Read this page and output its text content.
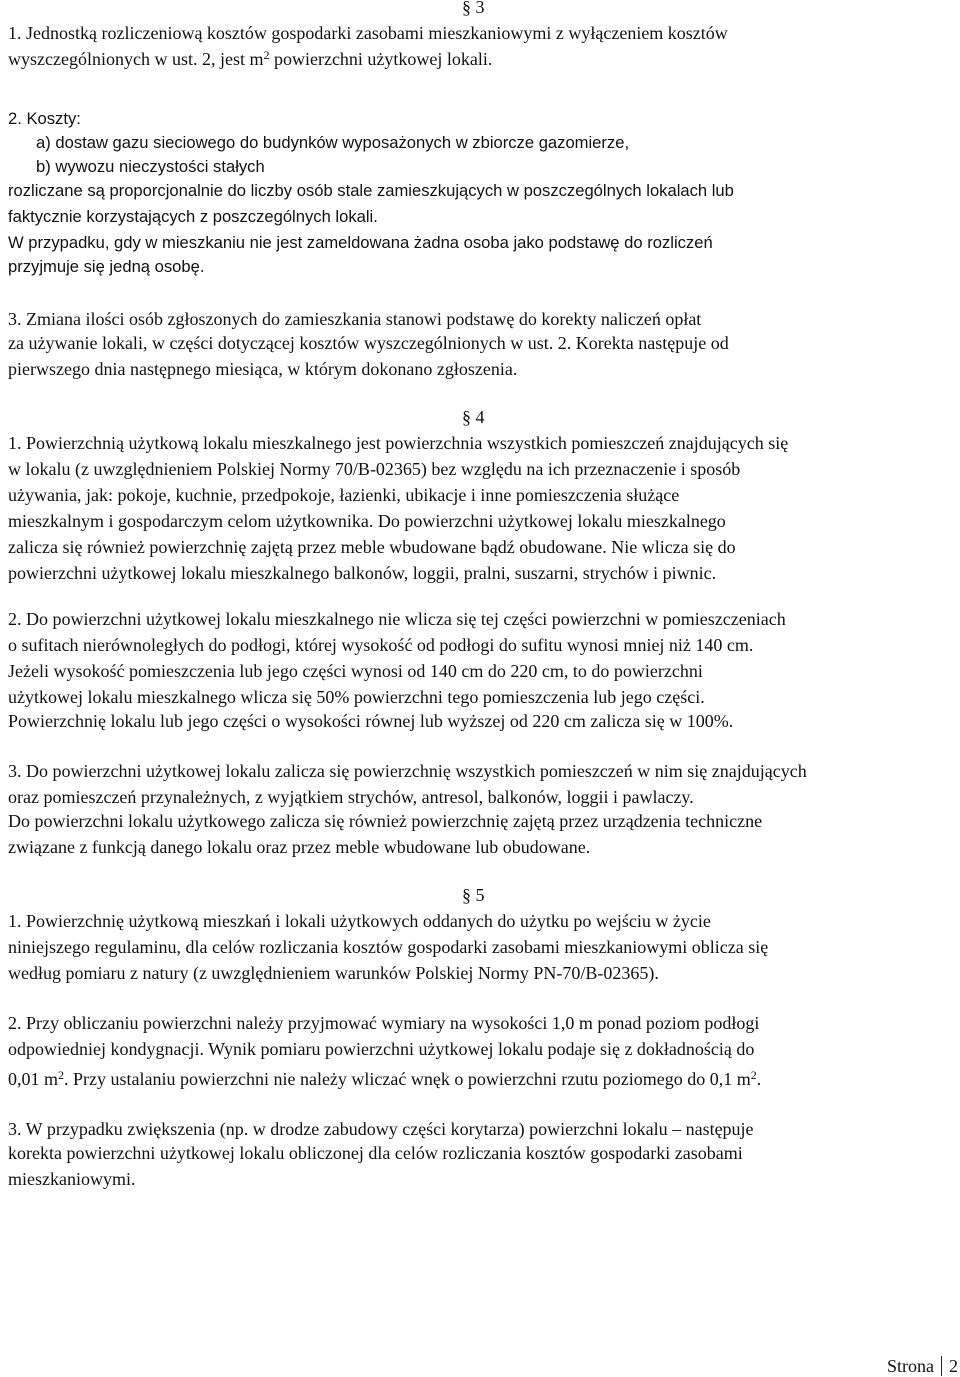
§ 3
1. Jednostką rozliczeniową kosztów gospodarki zasobami mieszkaniowymi z wyłączeniem kosztów
wyszczególnionych w ust. 2, jest $m^2$ powierzchni użytkowej lokali.
2. Koszty:
a) dostaw gazu sieciowego do budynków wyposażonych w zbiorcze gazomierze,
b) wywozu nieczystości stałych
rozliczane są proporcjonalnie do liczby osób stale zamieszkujących w poszczególnych lokalach lub
faktycznie korzystających z poszczególnych lokali.
W przypadku, gdy w mieszkaniu nie jest zameldowana żadna osoba jako podstawę do rozliczeń
przyjmuje się jedną osobę.
3. Zmiana ilości osób zgłoszonych do zamieszkania stanowi podstawę do korekty naliczeń opłat
za używanie lokali, w części dotyczącej kosztów wyszczególnionych w ust. 2. Korekta następuje od
pierwszego dnia następnego miesiąca, w którym dokonano zgłoszenia.
§ 4
1. Powierzchnią użytkową lokalu mieszkalnego jest powierzchnia wszystkich pomieszczeń znajdujących się
w lokalu (z uwzględnieniem Polskiej Normy 70/B-02365) bez względu na ich przeznaczenie i sposób
używania, jak: pokoje, kuchnie, przedpokoje, łazienki, ubikacje i inne pomieszczenia służące
mieszkalnym i gospodarczym celom użytkownika. Do powierzchni użytkowej lokalu mieszkalnego
zalicza się również powierzchnię zajętą przez meble wbudowane bądź obudowane. Nie wlicza się do
powierzchni użytkowej lokalu mieszkalnego balkonów, loggii, pralni, suszarni, strychów i piwnic.
2. Do powierzchni użytkowej lokalu mieszkalnego nie wlicza się tej części powierzchni w pomieszczeniach
o sufitach nierównoległych do podłogi, której wysokość od podłogi do sufitu wynosi mniej niż 140 cm.
Jeżeli wysokość pomieszczenia lub jego części wynosi od 140 cm do 220 cm, to do powierzchni
użytkowej lokalu mieszkalnego wlicza się 50% powierzchni tego pomieszczenia lub jego części.
Powierzchnię lokalu lub jego części o wysokości równej lub wyższej od 220 cm zalicza się w 100%.
3. Do powierzchni użytkowej lokalu zalicza się powierzchnię wszystkich pomieszczeń w nim się znajdujących
oraz pomieszczeń przynależnych, z wyjątkiem strychów, antresol, balkonów, loggii i pawlaczy.
Do powierzchni lokalu użytkowego zalicza się również powierzchnię zajętą przez urządzenia techniczne
związane z funkcją danego lokalu oraz przez meble wbudowane lub obudowane.
§ 5
1. Powierzchnię użytkową mieszkań i lokali użytkowych oddanych do użytku po wejściu w życie
niniejszego regulaminu, dla celów rozliczania kosztów gospodarki zasobami mieszkaniowymi oblicza się
według pomiaru z natury (z uwzględnieniem warunków Polskiej Normy PN-70/B-02365).
2. Przy obliczaniu powierzchni należy przyjmować wymiary na wysokości 1,0 m ponad poziom podłogi
odpowiedniej kondygnacji. Wynik pomiaru powierzchni użytkowej lokalu podaje się z dokładnością do
0,01 $m^2$. Przy ustalaniu powierzchni nie należy wliczać wnęk o powierzchni rzutu poziomego do 0,1 $m^2$.
3. W przypadku zwiększenia (np. w drodze zabudowy części korytarza) powierzchni lokalu – następuje
korekta powierzchni użytkowej lokalu obliczonej dla celów rozliczania kosztów gospodarki zasobami
mieszkaniowymi.
Strona 2
